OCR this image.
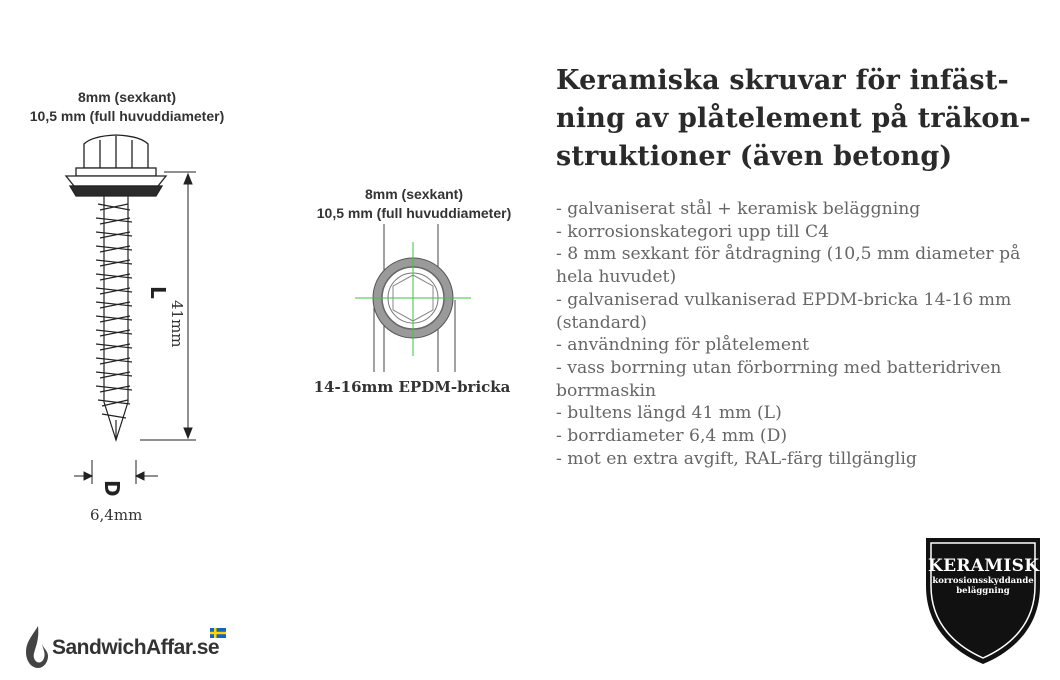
8mm (sexkant)
10,5 mm (full huvuddiameter)
L
41mm
D
6,4mm
8mm (sexkant)
10,5 mm (full huvuddiameter)
14-16mm EPDM-bricka
Keramiska skruvar för infäst-
ning av plåtelement på träkon-
struktioner (även betong)
- galvaniserat stål + keramisk beläggning
- korrosionskategori upp till C4
- 8 mm sexkant för åtdragning (10,5 mm diameter på hela huvudet)
- galvaniserad vulkaniserad EPDM-bricka 14-16 mm (standard)
- användning för plåtelement
- vass borrning utan förborrning med batteridriven borrmaskin
- bultens längd 41 mm (L)
- borrdiameter 6,4 mm (D)
- mot en extra avgift, RAL-färg tillgänglig
SandwichAffar.se
KERAMISK
korrosionsskyddande
beläggning
